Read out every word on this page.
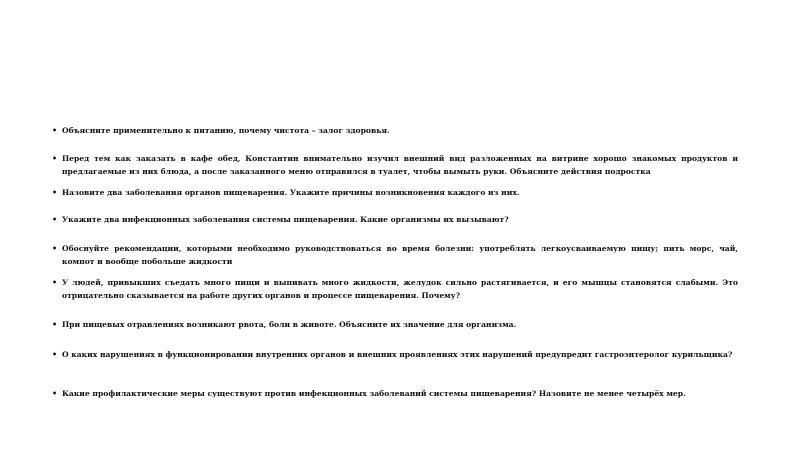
• Объясните применительно к питанию, почему чистота – залог здоровья.
• Перед тем как заказать в кафе обед, Константин внимательно изучил внешний вид разложенных на витрине хорошо знакомых продуктов и предлагаемые из них блюда, а после заказанного меню отправился в туалет, чтобы вымыть руки. Объясните действия подростка
• Назовите два заболевания органов пищеварения. Укажите причины возникновения каждого из них.
• Укажите два инфекционных заболевания системы пищеварения. Какие организмы их вызывают?
• Обоснуйте рекомендации, которыми необходимо руководствоваться во время болезни: употреблять легкоусваиваемую пищу; пить морс, чай, компот и вообще побольше жидкости
• У людей, привыкших съедать много пищи и выпивать много жидкости, желудок сильно растягивается, и его мышцы становятся слабыми. Это отрицательно сказывается на работе других органов и процессе пищеварения. Почему?
• При пищевых отравлениях возникают рвота, боли в животе. Объясните их значение для организма.
• О каких нарушениях в функционировании внутренних органов и внешних проявлениях этих нарушений предупредит гастроэнтеролог курильщика?
• Какие профилактические меры существуют против инфекционных заболеваний системы пищеварения? Назовите не менее четырёх мер.
